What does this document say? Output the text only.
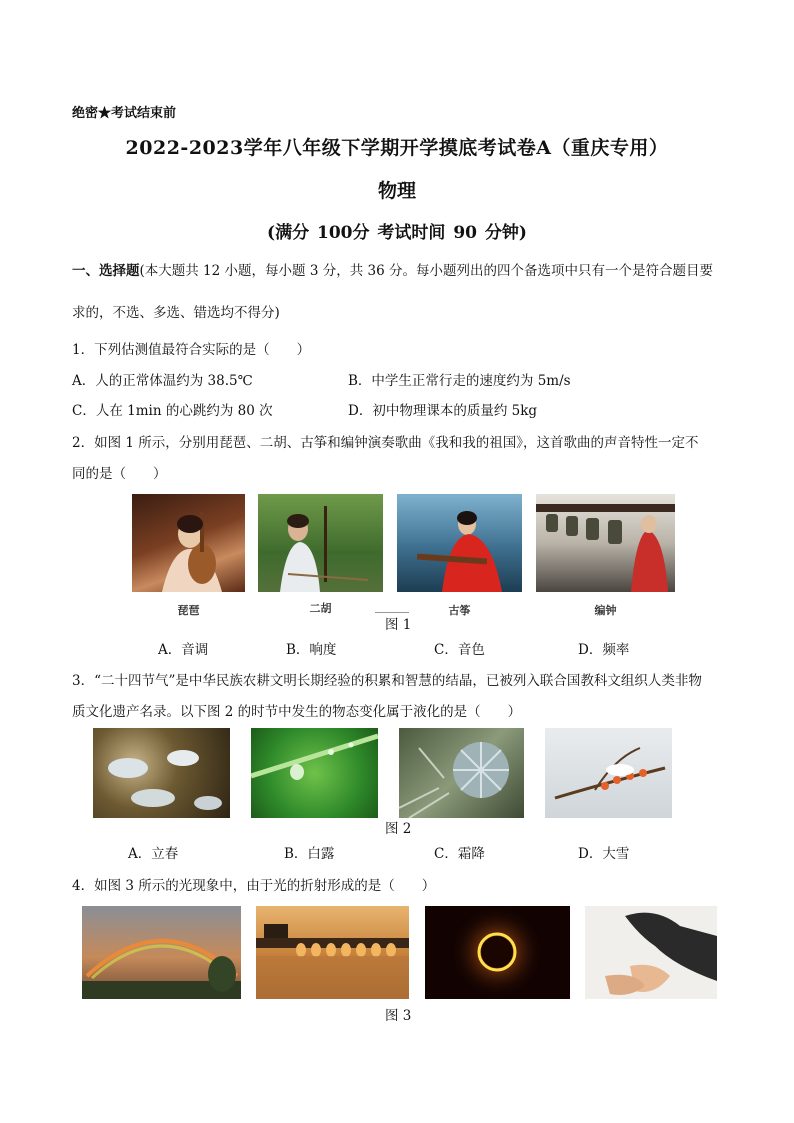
绝密★考试结束前
2022-2023学年八年级下学期开学摸底考试卷A（重庆专用）
物理
(满分 100分 考试时间 90 分钟)
一、选择题(本大题共 12 小题，每小题 3 分，共 36 分。每小题列出的四个备选项中只有一个是符合题目要
求的，不选、多选、错选均不得分)
1．下列估测值最符合实际的是（　　）
A．人的正常体温约为 38.5℃	B．中学生正常行走的速度约为 5m/s
C．人在 1min 的心跳约为 80 次	D．初中物理课本的质量约 5kg
2．如图 1 所示，分别用琵琶、二胡、古筝和编钟演奏歌曲《我和我的祖国》，这首歌曲的声音特性一定不
同的是（　　）
琵琶	二胡	古筝	编钟
图 1
A．音调	B．响度	C．音色	D．频率
3．“二十四节气”是中华民族农耕文明长期经验的积累和智慧的结晶，已被列入联合国教科文组织人类非物
质文化遗产名录。以下图 2 的时节中发生的物态变化属于液化的是（　　）
图 2
A．立春	B．白露	C．霜降	D．大雪
4．如图 3 所示的光现象中，由于光的折射形成的是（　　）
图 3
